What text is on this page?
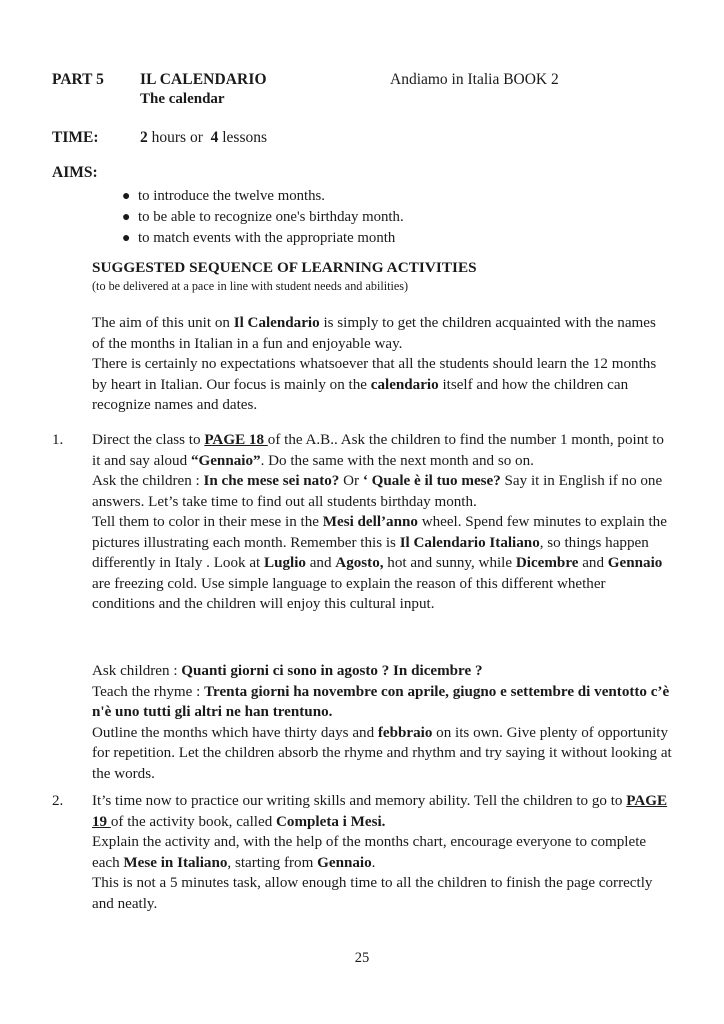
PART 5 IL CALENDARIO
The calendarAndiamo in Italia BOOK 2
TIME:	2 hours or 4 lessons
AIMS:
● to introduce the twelve months.
● to be able to recognize one's birthday month.
● to match events with the appropriate month
SUGGESTED SEQUENCE OF LEARNING ACTIVITIES
(to be delivered at a pace in line with student needs and abilities)

The aim of this unit on Il Calendario is simply to get the children acquainted with the names of the months in Italian in a fun and enjoyable way.

There is certainly no expectations whatsoever that all the students should learn the 12 months by heart in Italian. Our focus is mainly on the calendario itself and how the children can recognize names and dates.

1.	Direct the class to PAGE 18 of the A.B.. Ask the children to find the number 1 month, point to it and say aloud “Gennaio”. Do the same with the next month and so on.

Ask the children : In che mese sei nato? Or ‘ Quale è il tuo mese? Say it in English if no one answers. Let’s take time to find out all students birthday month.

Tell them to color in their mese in the Mesi dell’anno wheel. Spend few minutes to explain the pictures illustrating each month. Remember this is Il Calendario Italiano, so things happen differently in Italy . Look at Luglio and Agosto, hot and sunny, while Dicembre and Gennaio are freezing cold. Use simple language to explain the reason of this different whether conditions and the children will enjoy this cultural input.

Ask children : Quanti giorni ci sono in agosto ? In dicembre ?

Teach the rhyme : Trenta giorni ha novembre con aprile, giugno e settembre di ventotto c’è n'è uno tutti gli altri ne han trentuno.

Outline the months which have thirty days and febbraio on its own. Give plenty of opportunity for repetition. Let the children absorb the rhyme and rhythm and try saying it without looking at the words.

2.	It’s time now to practice our writing skills and memory ability. Tell the children to go to PAGE 19 of the activity book, called Completa i Mesi.

Explain the activity and, with the help of the months chart, encourage everyone to complete each Mese in Italiano, starting from Gennaio.

This is not a 5 minutes task, allow enough time to all the children to finish the page correctly and neatly.

25
